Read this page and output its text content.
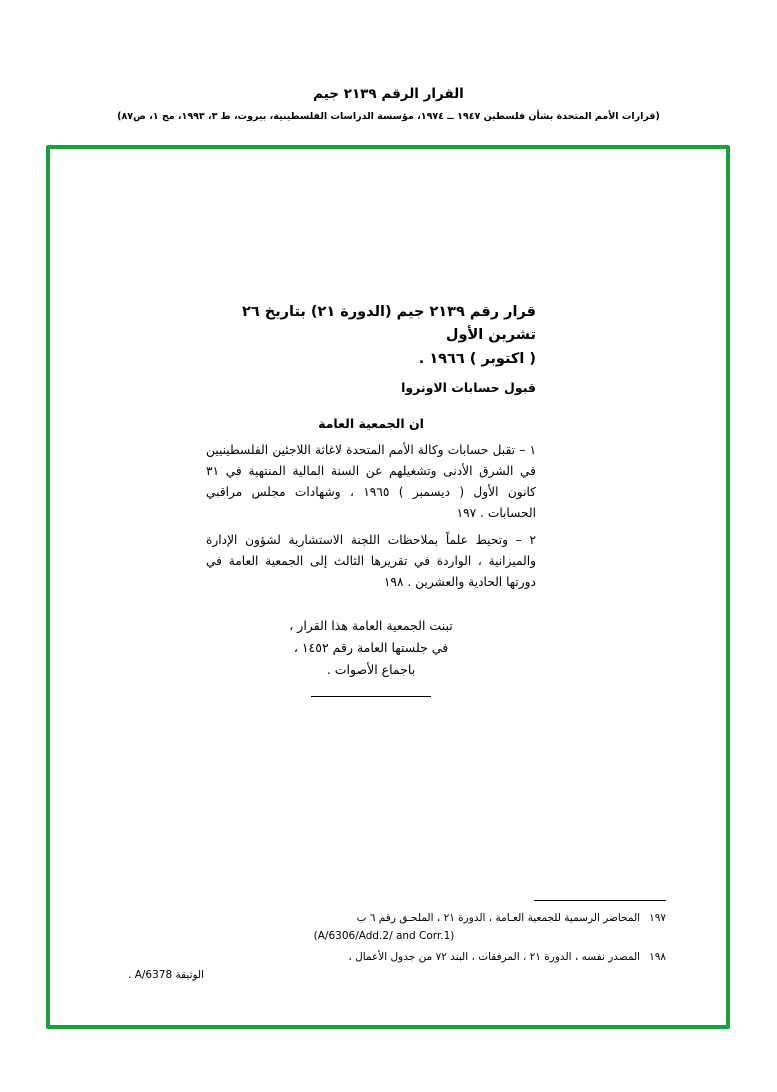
القرار الرقم ٢١٣٩ جيم
(قرارات الأمم المتحدة بشأن فلسطين ١٩٤٧ ــ ١٩٧٤، مؤسسة الدراسات الفلسطينية، بيروت، ط ٣، ١٩٩٣، مج ١، ص٨٧)
قرار رقم ٢١٣٩ جيم (الدورة ٢١) بتاريخ ٢٦ تشرين الأول
( اكتوبر ) ١٩٦٦ .
قبول حسابات الاونروا
ان الجمعية العامة
١ – تقبل حسابات وكالة الأمم المتحدة لاغاثة اللاجئين الفلسطينيين في الشرق الأدنى وتشغيلهم عن السنة المالية المنتهية في ٣١ كانون الأول ( ديسمبر ) ١٩٦٥ ، وشهادات مجلس مراقبي الحسابات . ١٩٧
٢ – وتحيط علماً بملاحظات اللجنة الاستشارية لشؤون الإدارة والميزانية ، الواردة في تقريرها الثالث إلى الجمعية العامة في دورتها الحادية والعشرين . ١٩٨
تبنت الجمعية العامة هذا القرار ،
في جلستها العامة رقم ١٤٥٢ ،
باجماع الأصوات .
١٩٧
المحاضر الرسمية للجمعية العـامة ، الدورة ٢١ ، الملحـق رقم ٦ ب
(A/6306/Add.2/ and Corr.1)
١٩٨
المصدر نفسه ، الدورة ٢١ ، المرفقات ، البند ٧٢ من جدول الأعمال ،
الوثيقة A/6378 .
